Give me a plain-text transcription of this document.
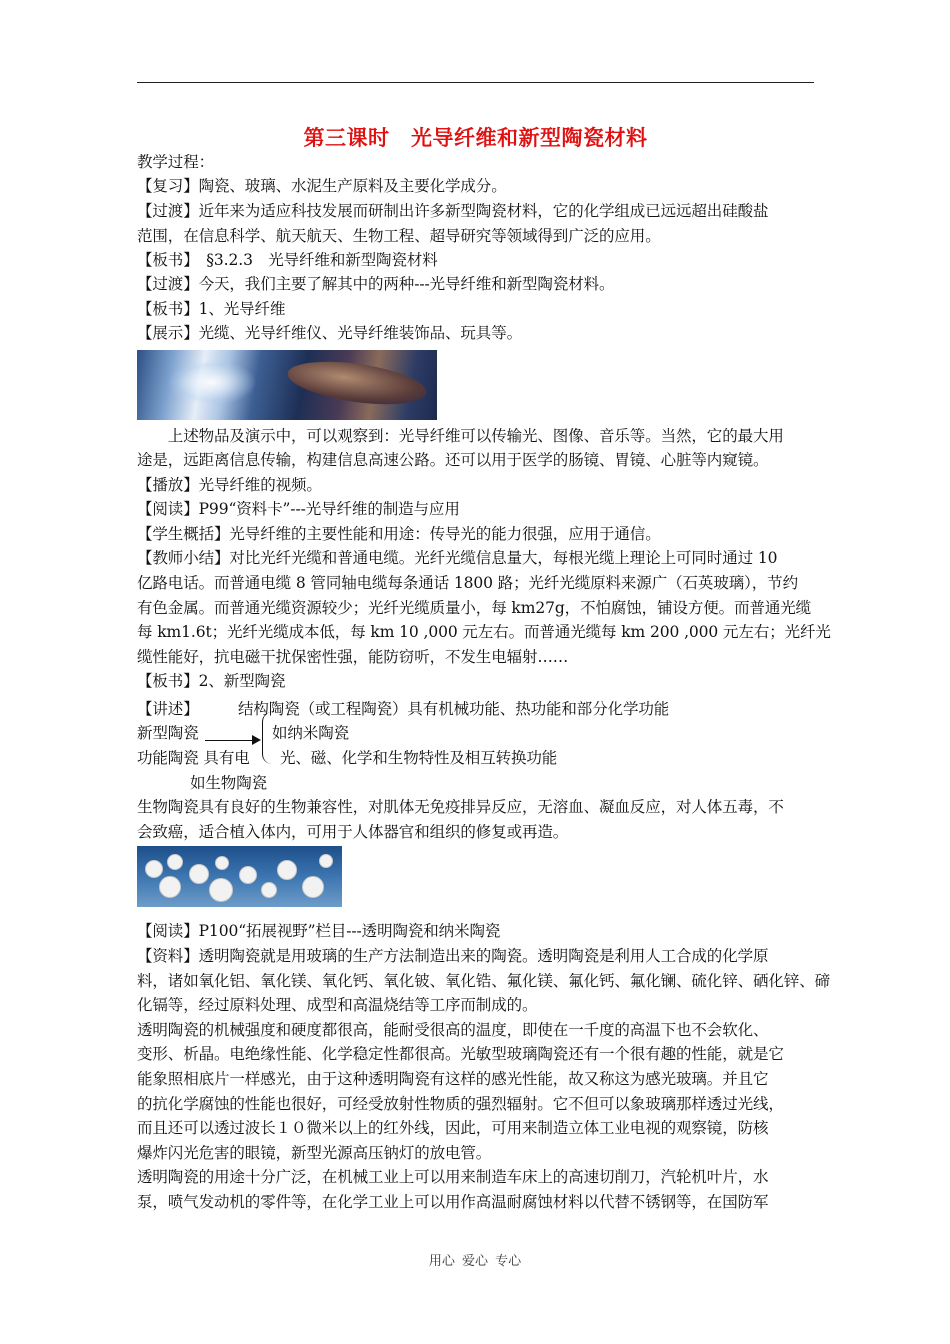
第三课时　光导纤维和新型陶瓷材料
教学过程：
【复习】陶瓷、玻璃、水泥生产原料及主要化学成分。
【过渡】近年来为适应科技发展而研制出许多新型陶瓷材料，它的化学组成已远远超出硅酸盐
范围，在信息科学、航天航天、生物工程、超导研究等领域得到广泛的应用。
【板书】　§3.2.3　光导纤维和新型陶瓷材料
【过渡】今天，我们主要了解其中的两种---光导纤维和新型陶瓷材料。
【板书】1、光导纤维
【展示】光缆、光导纤维仪、光导纤维装饰品、玩具等。
　　上述物品及演示中，可以观察到：光导纤维可以传输光、图像、音乐等。当然，它的最大用
途是，远距离信息传输，构建信息高速公路。还可以用于医学的肠镜、胃镜、心脏等内窥镜。
【播放】光导纤维的视频。
【阅读】P99“资料卡”---光导纤维的制造与应用
【学生概括】光导纤维的主要性能和用途：传导光的能力很强，应用于通信。
【教师小结】对比光纤光缆和普通电缆。光纤光缆信息量大，每根光缆上理论上可同时通过 10
亿路电话。而普通电缆 8 管同轴电缆每条通话 1800 路；光纤光缆原料来源广（石英玻璃），节约
有色金属。而普通光缆资源较少；光纤光缆质量小，每 km27g，不怕腐蚀，铺设方便。而普通光缆
每 km1.6t；光纤光缆成本低，每 km 10 ,000 元左右。而普通光缆每 km 200 ,000 元左右；光纤光
缆性能好，抗电磁干扰保密性强，能防窃听，不发生电辐射……
【板书】2、新型陶瓷
【讲述】	结构陶瓷（或工程陶瓷）具有机械功能、热功能和部分化学功能
新型陶瓷	如纳米陶瓷
功能陶瓷 具有电	光、磁、化学和生物特性及相互转换功能
如生物陶瓷
生物陶瓷具有良好的生物兼容性，对肌体无免疫排异反应，无溶血、凝血反应，对人体五毒，不
会致癌，适合植入体内，可用于人体器官和组织的修复或再造。
【阅读】P100“拓展视野”栏目---透明陶瓷和纳米陶瓷
【资料】透明陶瓷就是用玻璃的生产方法制造出来的陶瓷。透明陶瓷是利用人工合成的化学原
料，诸如氧化铝、氧化镁、氧化钙、氧化铍、氧化锆、氟化镁、氟化钙、氟化镧、硫化锌、硒化锌、碲
化镉等，经过原料处理、成型和高温烧结等工序而制成的。
透明陶瓷的机械强度和硬度都很高，能耐受很高的温度，即使在一千度的高温下也不会软化、
变形、析晶。电绝缘性能、化学稳定性都很高。光敏型玻璃陶瓷还有一个很有趣的性能，就是它
能象照相底片一样感光，由于这种透明陶瓷有这样的感光性能，故又称这为感光玻璃。并且它
的抗化学腐蚀的性能也很好，可经受放射性物质的强烈辐射。它不但可以象玻璃那样透过光线，
而且还可以透过波长１０微米以上的红外线，因此，可用来制造立体工业电视的观察镜，防核
爆炸闪光危害的眼镜，新型光源高压钠灯的放电管。
透明陶瓷的用途十分广泛，在机械工业上可以用来制造车床上的高速切削刀，汽轮机叶片，水
泵，喷气发动机的零件等，在化学工业上可以用作高温耐腐蚀材料以代替不锈钢等，在国防军
用心 爱心 专心
